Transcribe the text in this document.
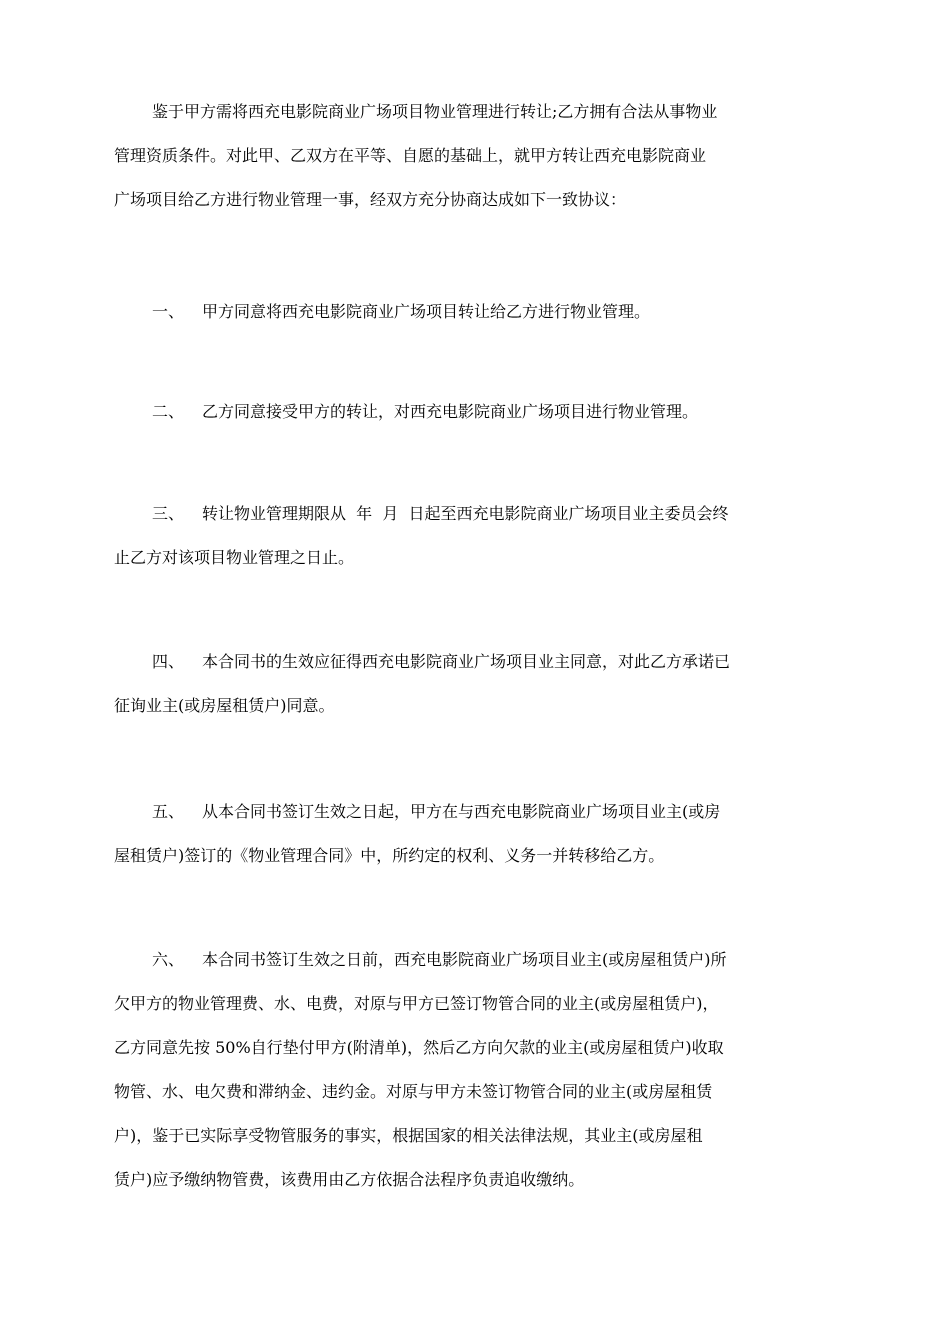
鉴于甲方需将西充电影院商业广场项目物业管理进行转让;乙方拥有合法从事物业
管理资质条件。对此甲、乙双方在平等、自愿的基础上，就甲方转让西充电影院商业
广场项目给乙方进行物业管理一事，经双方充分协商达成如下一致协议：
一、 甲方同意将西充电影院商业广场项目转让给乙方进行物业管理。
二、 乙方同意接受甲方的转让，对西充电影院商业广场项目进行物业管理。
三、 转让物业管理期限从  年  月  日起至西充电影院商业广场项目业主委员会终
止乙方对该项目物业管理之日止。
四、 本合同书的生效应征得西充电影院商业广场项目业主同意，对此乙方承诺已
征询业主(或房屋租赁户)同意。
五、 从本合同书签订生效之日起，甲方在与西充电影院商业广场项目业主(或房
屋租赁户)签订的《物业管理合同》中，所约定的权利、义务一并转移给乙方。
六、 本合同书签订生效之日前，西充电影院商业广场项目业主(或房屋租赁户)所
欠甲方的物业管理费、水、电费，对原与甲方已签订物管合同的业主(或房屋租赁户)，
乙方同意先按 50%自行垫付甲方(附清单)，然后乙方向欠款的业主(或房屋租赁户)收取
物管、水、电欠费和滞纳金、违约金。对原与甲方未签订物管合同的业主(或房屋租赁
户)，鉴于已实际享受物管服务的事实，根据国家的相关法律法规，其业主(或房屋租
赁户)应予缴纳物管费，该费用由乙方依据合法程序负责追收缴纳。
